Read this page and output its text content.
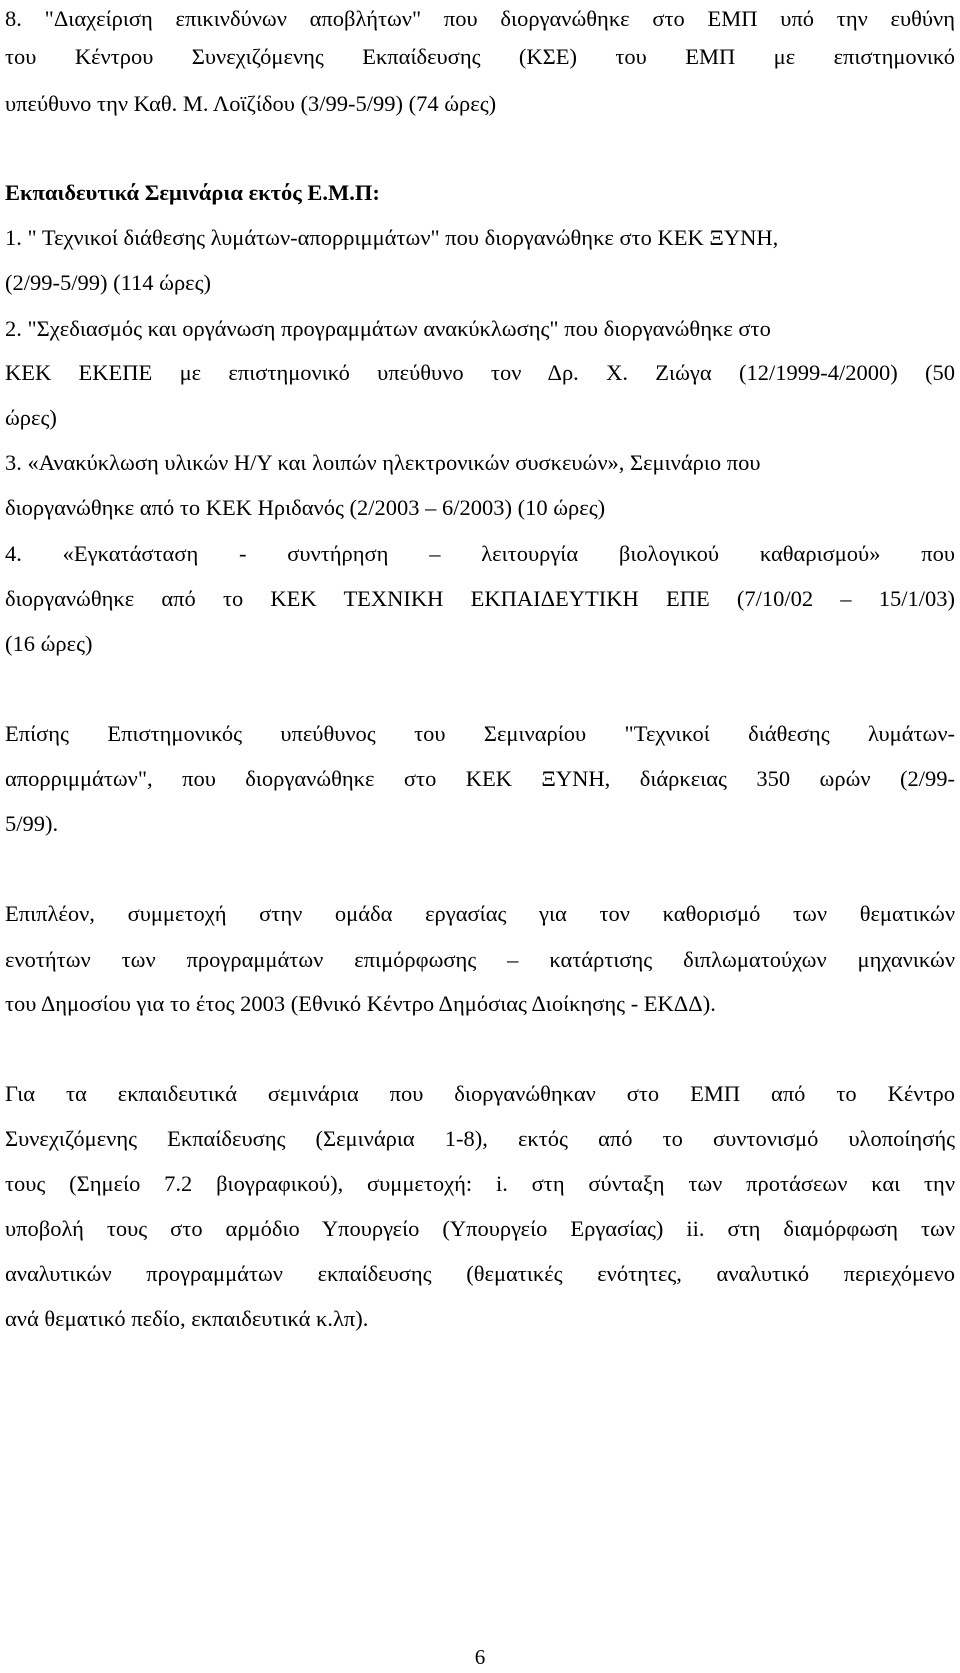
8. "Διαχείριση επικινδύνων αποβλήτων" που διοργανώθηκε στο ΕΜΠ υπό την ευθύνη

του Κέντρου Συνεχιζόμενης Εκπαίδευσης (ΚΣΕ) του ΕΜΠ με επιστημονικό

υπεύθυνο την Καθ. Μ. Λοϊζίδου (3/99-5/99) (74 ώρες)

Εκπαιδευτικά Σεμινάρια εκτός Ε.Μ.Π:

1. " Τεχνικοί διάθεσης λυμάτων-απορριμμάτων" που διοργανώθηκε στο ΚΕΚ ΞΥΝΗ,

(2/99-5/99) (114 ώρες)

2. "Σχεδιασμός και οργάνωση προγραμμάτων ανακύκλωσης" που διοργανώθηκε στο

ΚΕΚ ΕΚΕΠΕ με επιστημονικό υπεύθυνο τον Δρ. Χ. Ζιώγα (12/1999-4/2000) (50

ώρες)

3. «Ανακύκλωση υλικών Η/Υ και λοιπών ηλεκτρονικών συσκευών», Σεμινάριο που

διοργανώθηκε από το ΚΕΚ Ηριδανός (2/2003 – 6/2003) (10 ώρες)

4. «Εγκατάσταση - συντήρηση – λειτουργία βιολογικού καθαρισμού» που

διοργανώθηκε από το ΚΕΚ ΤΕΧΝΙΚΗ ΕΚΠΑΙΔΕΥΤΙΚΗ ΕΠΕ (7/10/02 – 15/1/03)

(16 ώρες)

Επίσης Επιστημονικός υπεύθυνος του Σεμιναρίου "Τεχνικοί διάθεσης λυμάτων-

απορριμμάτων", που διοργανώθηκε στο ΚΕΚ ΞΥΝΗ, διάρκειας 350 ωρών (2/99-

5/99).

Επιπλέον, συμμετοχή στην ομάδα εργασίας για τον καθορισμό των θεματικών

ενοτήτων των προγραμμάτων επιμόρφωσης – κατάρτισης διπλωματούχων μηχανικών

του Δημοσίου για το έτος 2003 (Εθνικό Κέντρο Δημόσιας Διοίκησης - ΕΚΔΔ).

Για τα εκπαιδευτικά σεμινάρια που διοργανώθηκαν στο ΕΜΠ από το Κέντρο

Συνεχιζόμενης Εκπαίδευσης (Σεμινάρια 1-8), εκτός από το συντονισμό υλοποίησής

τους (Σημείο 7.2 βιογραφικού), συμμετοχή: i. στη σύνταξη των προτάσεων και την

υποβολή τους στο αρμόδιο Υπουργείο (Υπουργείο Εργασίας) ii. στη διαμόρφωση των

αναλυτικών προγραμμάτων εκπαίδευσης (θεματικές ενότητες, αναλυτικό περιεχόμενο

ανά θεματικό πεδίο, εκπαιδευτικά κ.λπ).

6
